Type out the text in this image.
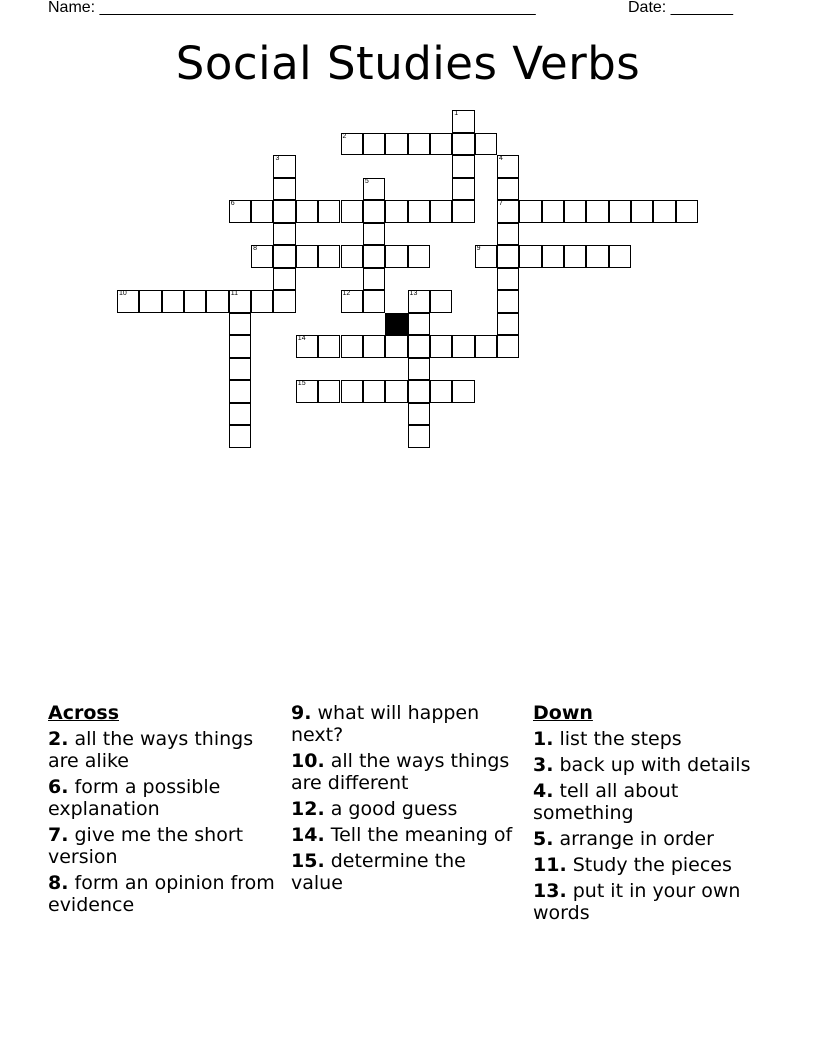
Name: _________________________________________________	Date: _______
Social Studies Verbs
2
6	7
8	9
10	11	12	13
14
15
1
3	4
5
Across
2. all the ways things are alike
6. form a possible explanation
7. give me the short version
8. form an opinion from evidence
9. what will happen next?
10. all the ways things are different
12. a good guess
14. Tell the meaning of
15. determine the value
Down
1. list the steps
3. back up with details
4. tell all about something
5. arrange in order
11. Study the pieces
13. put it in your own words
